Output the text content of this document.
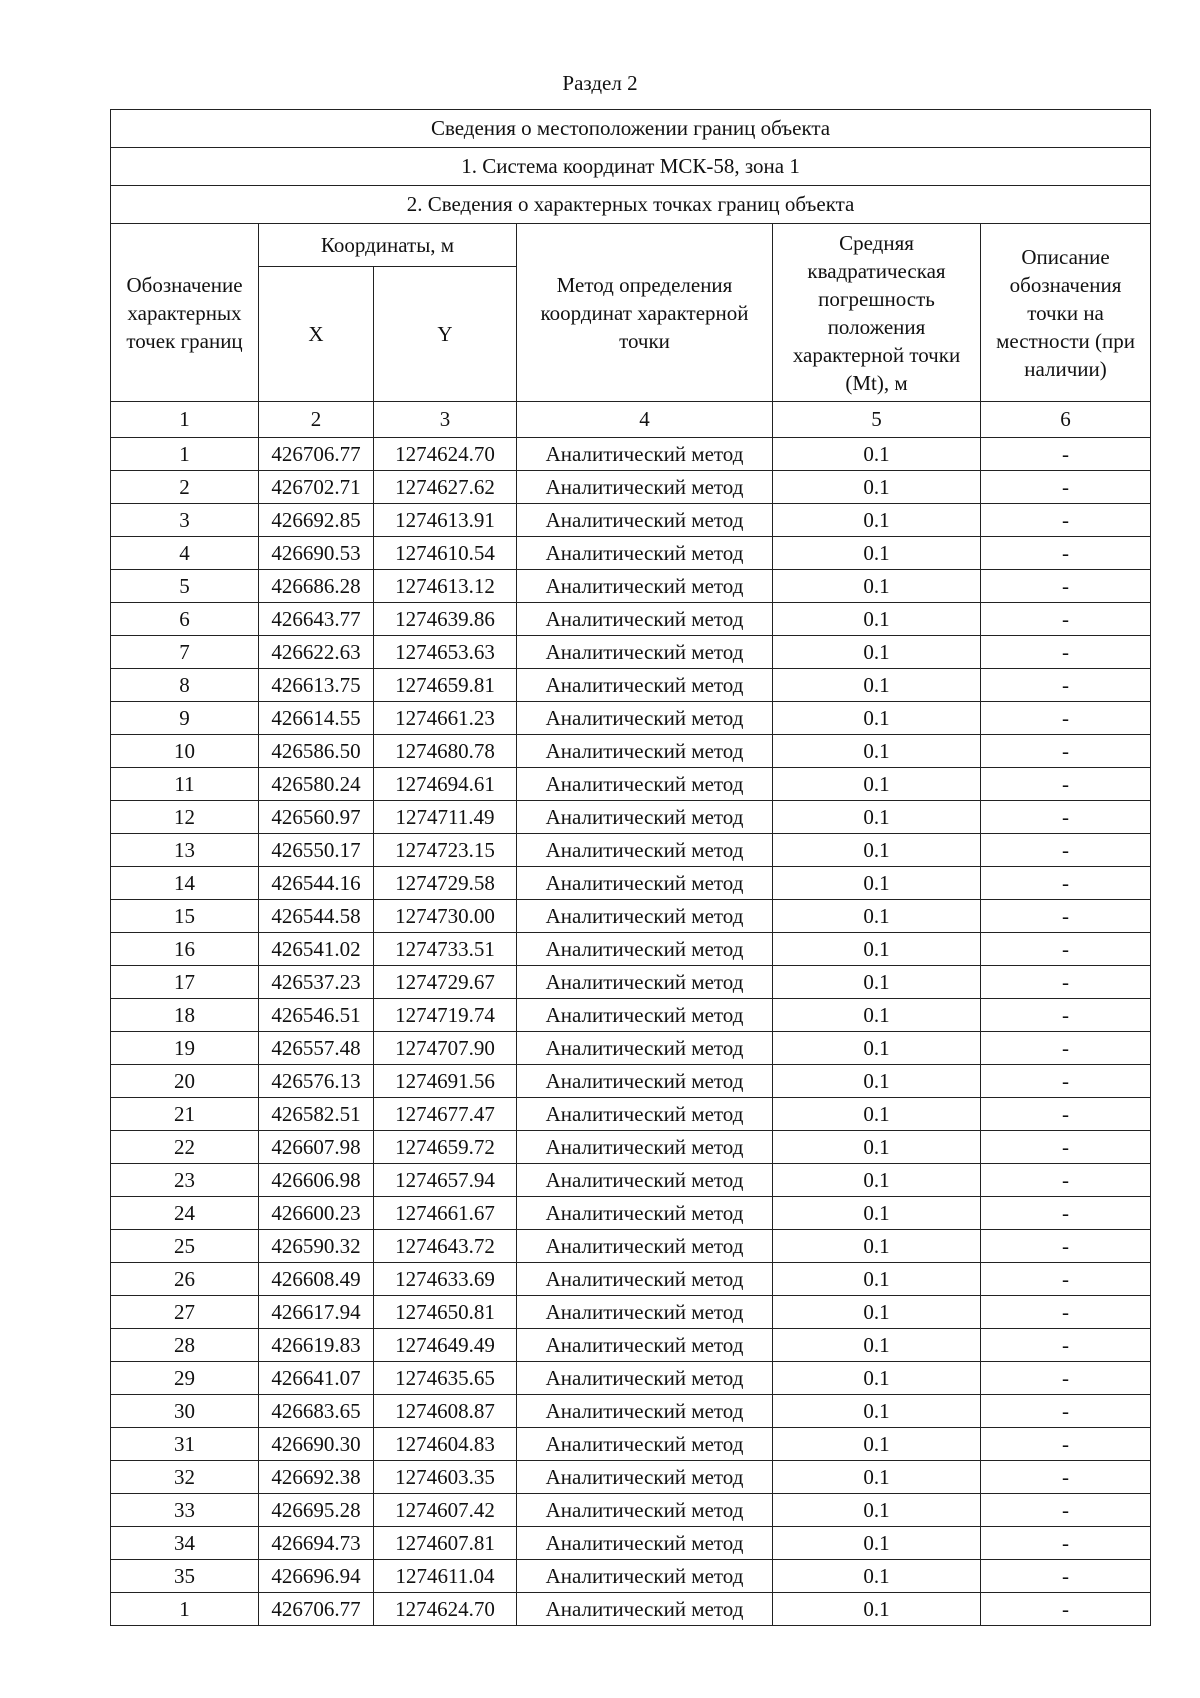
Раздел 2
Сведения о местоположении границ объекта					
1. Система координат МСК-58, зона 1					
2. Сведения о характерных точках границ объекта					
Обозначение характерных точек границ	Координаты, м		Метод определения координат характерной точки	Средняя квадратическая погрешность положения характерной точки (Mt), м	Описание обозначения точки на местности (при наличии)
	X	Y			
1	2	3	4	5	6
1	426706.77	1274624.70	Аналитический метод	0.1	-
2	426702.71	1274627.62	Аналитический метод	0.1	-
3	426692.85	1274613.91	Аналитический метод	0.1	-
4	426690.53	1274610.54	Аналитический метод	0.1	-
5	426686.28	1274613.12	Аналитический метод	0.1	-
6	426643.77	1274639.86	Аналитический метод	0.1	-
7	426622.63	1274653.63	Аналитический метод	0.1	-
8	426613.75	1274659.81	Аналитический метод	0.1	-
9	426614.55	1274661.23	Аналитический метод	0.1	-
10	426586.50	1274680.78	Аналитический метод	0.1	-
11	426580.24	1274694.61	Аналитический метод	0.1	-
12	426560.97	1274711.49	Аналитический метод	0.1	-
13	426550.17	1274723.15	Аналитический метод	0.1	-
14	426544.16	1274729.58	Аналитический метод	0.1	-
15	426544.58	1274730.00	Аналитический метод	0.1	-
16	426541.02	1274733.51	Аналитический метод	0.1	-
17	426537.23	1274729.67	Аналитический метод	0.1	-
18	426546.51	1274719.74	Аналитический метод	0.1	-
19	426557.48	1274707.90	Аналитический метод	0.1	-
20	426576.13	1274691.56	Аналитический метод	0.1	-
21	426582.51	1274677.47	Аналитический метод	0.1	-
22	426607.98	1274659.72	Аналитический метод	0.1	-
23	426606.98	1274657.94	Аналитический метод	0.1	-
24	426600.23	1274661.67	Аналитический метод	0.1	-
25	426590.32	1274643.72	Аналитический метод	0.1	-
26	426608.49	1274633.69	Аналитический метод	0.1	-
27	426617.94	1274650.81	Аналитический метод	0.1	-
28	426619.83	1274649.49	Аналитический метод	0.1	-
29	426641.07	1274635.65	Аналитический метод	0.1	-
30	426683.65	1274608.87	Аналитический метод	0.1	-
31	426690.30	1274604.83	Аналитический метод	0.1	-
32	426692.38	1274603.35	Аналитический метод	0.1	-
33	426695.28	1274607.42	Аналитический метод	0.1	-
34	426694.73	1274607.81	Аналитический метод	0.1	-
35	426696.94	1274611.04	Аналитический метод	0.1	-
1	426706.77	1274624.70	Аналитический метод	0.1	-
